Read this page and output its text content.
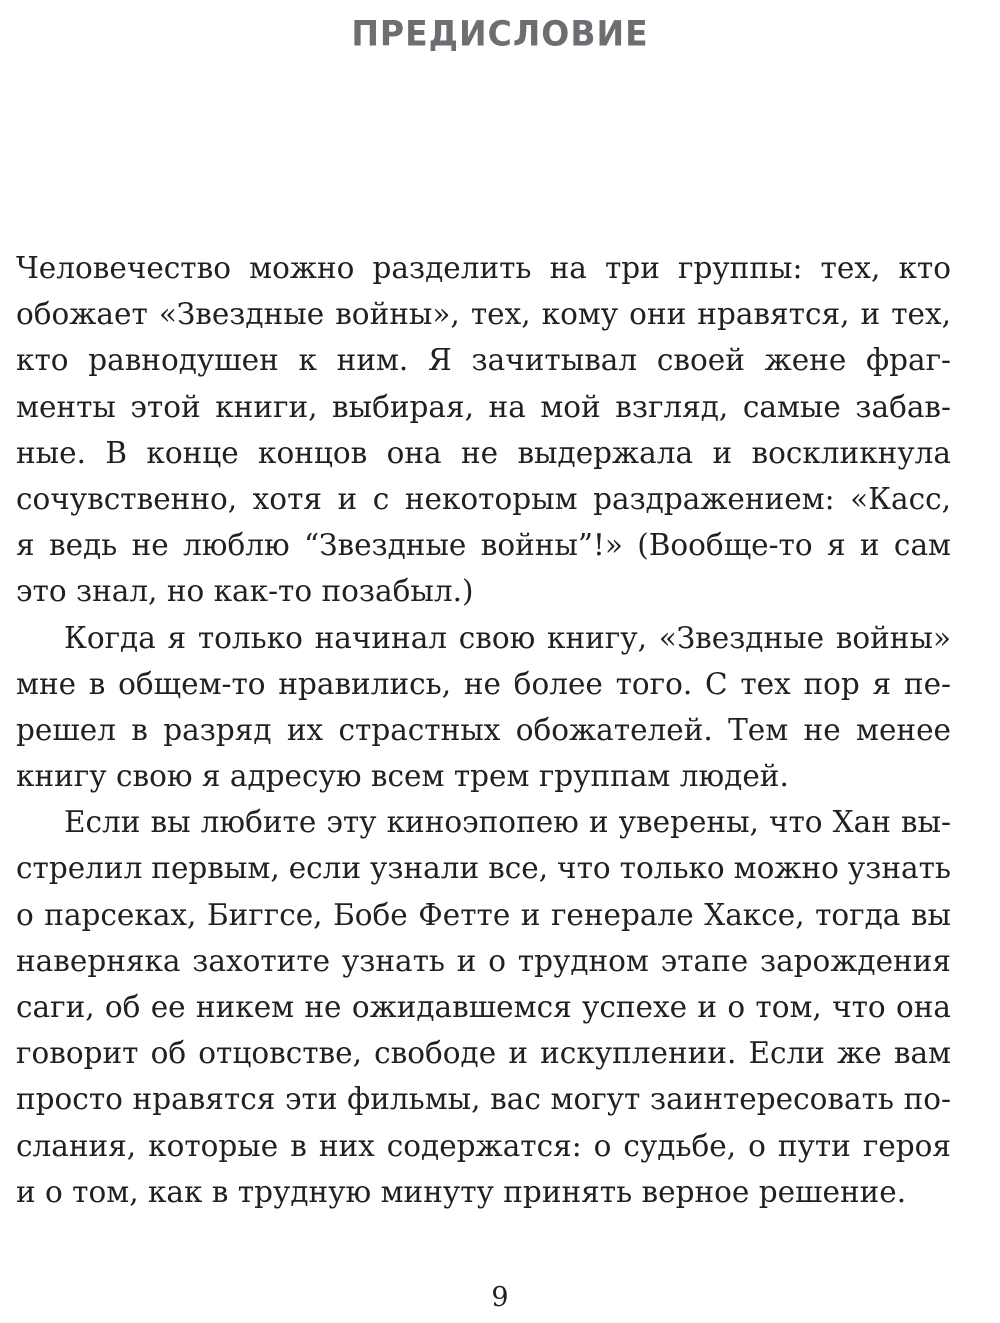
ПРЕДИСЛОВИЕ
Человечество можно разделить на три группы: тех, кто
обожает «Звездные войны», тех, кому они нравятся, и тех,
кто равнодушен к ним. Я зачитывал своей жене фраг-
менты этой книги, выбирая, на мой взгляд, самые забав-
ные. В конце концов она не выдержала и воскликнула
сочувственно, хотя и с некоторым раздражением: «Касс,
я ведь не люблю “Звездные войны”!» (Вообще-то я и сам
это знал, но как-то позабыл.)
Когда я только начинал свою книгу, «Звездные войны»
мне в общем-то нравились, не более того. С тех пор я пе-
решел в разряд их страстных обожателей. Тем не менее
книгу свою я адресую всем трем группам людей.
Если вы любите эту киноэпопею и уверены, что Хан вы-
стрелил первым, если узнали все, что только можно узнать
о парсеках, Биггсе, Бобе Фетте и генерале Хаксе, тогда вы
наверняка захотите узнать и о трудном этапе зарождения
саги, об ее никем не ожидавшемся успехе и о том, что она
говорит об отцовстве, свободе и искуплении. Если же вам
просто нравятся эти фильмы, вас могут заинтересовать по-
слания, которые в них содержатся: о судьбе, о пути героя
и о том, как в трудную минуту принять верное решение.
9
